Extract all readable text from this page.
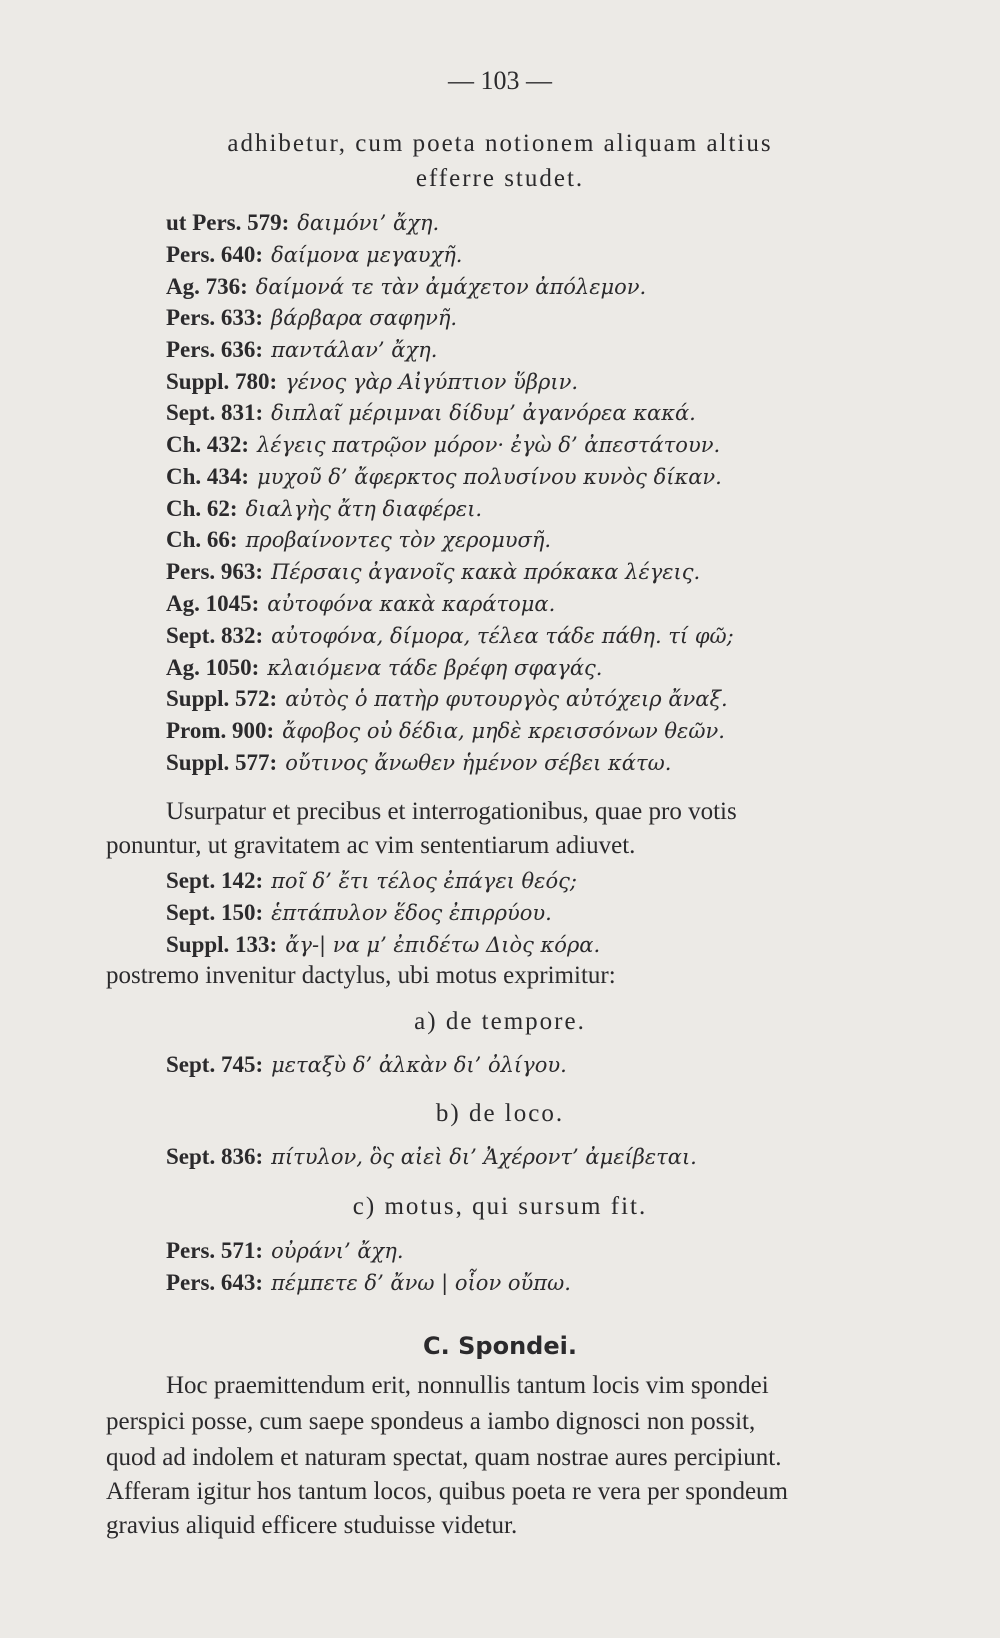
— 103 —
adhibetur, cum poeta notionem aliquam altius
efferre studet.
ut Pers. 579: δαιμόνι’ ἄχη.
Pers. 640: δαίμονα μεγαυχῆ.
Ag. 736: δαίμονά τε τὰν ἀμάχετον ἀπόλεμον.
Pers. 633: βάρβαρα σαφηνῆ.
Pers. 636: παντάλαν’ ἄχη.
Suppl. 780: γένος γὰρ Αἰγύπτιον ὕβριν.
Sept. 831: διπλαῖ μέριμναι δίδυμ’ ἀγανόρεα κακά.
Ch. 432: λέγεις πατρῷον μόρον· ἐγὼ δ’ ἀπεστάτουν.
Ch. 434: μυχοῦ δ’ ἄφερκτος πολυσίνου κυνὸς δίκαν.
Ch. 62: διαλγὴς ἄτη διαφέρει.
Ch. 66: προβαίνοντες τὸν χερομυσῆ.
Pers. 963: Πέρσαις ἀγανοῖς κακὰ πρόκακα λέγεις.
Ag. 1045: αὐτοφόνα κακὰ καράτομα.
Sept. 832: αὐτοφόνα, δίμορα, τέλεα τάδε πάθη. τί φῶ;
Ag. 1050: κλαιόμενα τάδε βρέφη σφαγάς.
Suppl. 572: αὐτὸς ὁ πατὴρ φυτουργὸς αὐτόχειρ ἄναξ.
Prom. 900: ἄφοβος οὐ δέδια, μηδὲ κρεισσόνων θεῶν.
Suppl. 577: οὔτινος ἄνωθεν ἡμένον σέβει κάτω.
Usurpatur et precibus et interrogationibus, quae pro votis
ponuntur, ut gravitatem ac vim sententiarum adiuvet.
Sept. 142: ποῖ δ’ ἔτι τέλος ἐπάγει θεός;
Sept. 150: ἑπτάπυλον ἕδος ἐπιρρύου.
Suppl. 133: ἄγ-| να μ’ ἐπιδέτω Διὸς κόρα.
postremo invenitur dactylus, ubi motus exprimitur:
a) de tempore.
Sept. 745: μεταξὺ δ’ ἀλκὰν δι’ ὀλίγου.
b) de loco.
Sept. 836: πίτυλον, ὃς αἰεὶ δι’ Ἀχέροντ’ ἀμείβεται.
c) motus, qui sursum fit.
Pers. 571: οὐράνι’ ἄχη.
Pers. 643: πέμπετε δ’ ἄνω | οἷον οὔπω.
C. Spondei.
Hoc praemittendum erit, nonnullis tantum locis vim spondei
perspici posse, cum saepe spondeus a iambo dignosci non possit,
quod ad indolem et naturam spectat, quam nostrae aures percipiunt.
Afferam igitur hos tantum locos, quibus poeta re vera per spondeum
gravius aliquid efficere studuisse videtur.
